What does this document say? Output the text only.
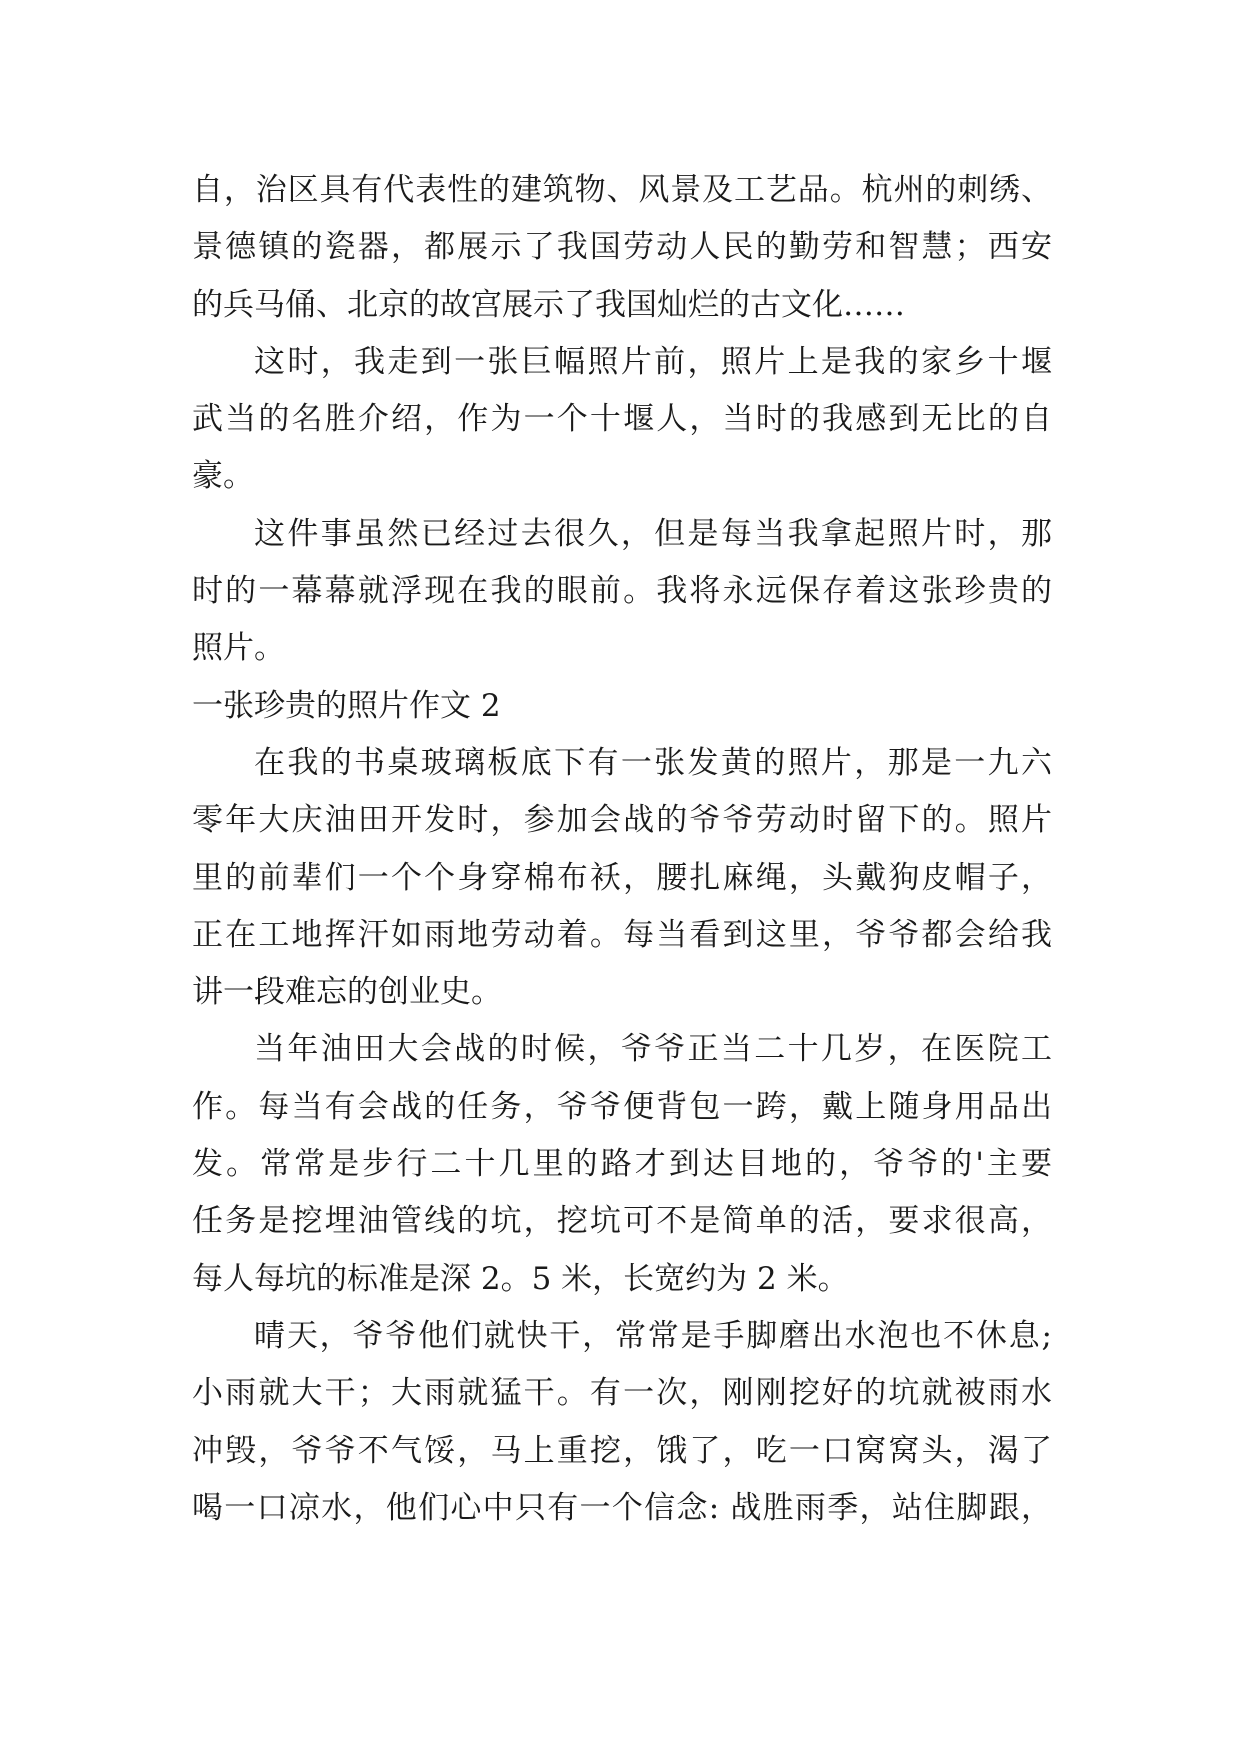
自，治区具有代表性的建筑物、风景及工艺品。杭州的刺绣、
景德镇的瓷器，都展示了我国劳动人民的勤劳和智慧；西安
的兵马俑、北京的故宫展示了我国灿烂的古文化……
这时，我走到一张巨幅照片前，照片上是我的家乡十堰
武当的名胜介绍，作为一个十堰人，当时的我感到无比的自
豪。
这件事虽然已经过去很久，但是每当我拿起照片时，那
时的一幕幕就浮现在我的眼前。我将永远保存着这张珍贵的
照片。
一张珍贵的照片作文 2
在我的书桌玻璃板底下有一张发黄的照片，那是一九六
零年大庆油田开发时，参加会战的爷爷劳动时留下的。照片
里的前辈们一个个身穿棉布袄，腰扎麻绳，头戴狗皮帽子，
正在工地挥汗如雨地劳动着。每当看到这里，爷爷都会给我
讲一段难忘的创业史。
当年油田大会战的时候，爷爷正当二十几岁，在医院工
作。每当有会战的任务，爷爷便背包一跨，戴上随身用品出
发。常常是步行二十几里的路才到达目地的，爷爷的'主要
任务是挖埋油管线的坑，挖坑可不是简单的活，要求很高，
每人每坑的标准是深 2。5 米，长宽约为 2 米。
晴天，爷爷他们就快干，常常是手脚磨出水泡也不休息;
小雨就大干；大雨就猛干。有一次，刚刚挖好的坑就被雨水
冲毁，爷爷不气馁，马上重挖，饿了，吃一口窝窝头，渴了
喝一口凉水，他们心中只有一个信念: 战胜雨季，站住脚跟，
